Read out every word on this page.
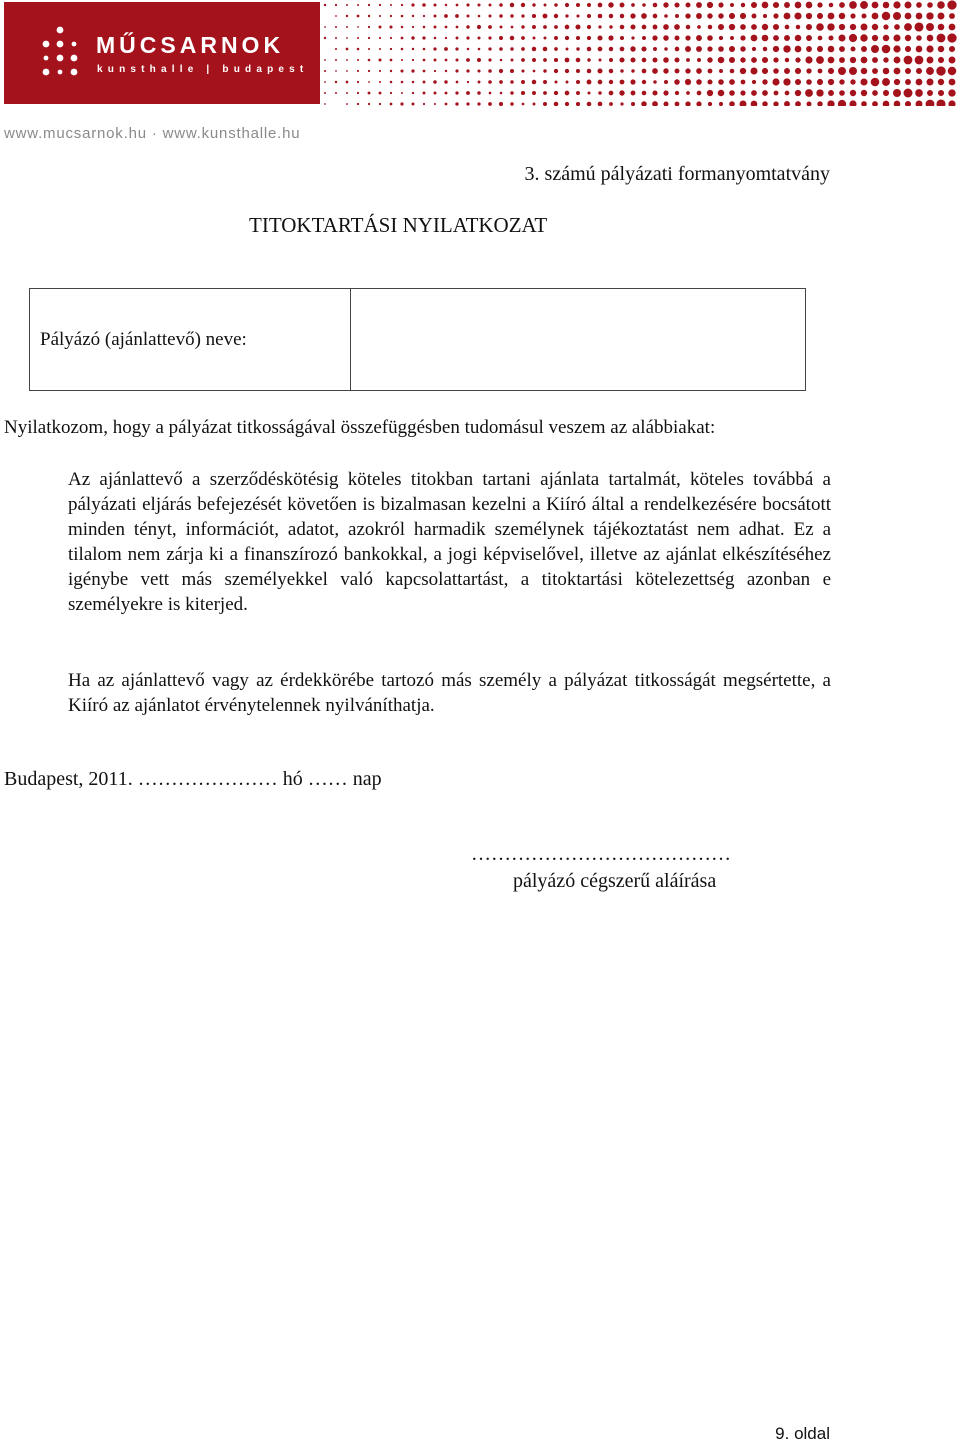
MŰCSARNOK
kunsthalle | budapest
www.mucsarnok.hu · www.kunsthalle.hu
3. számú pályázati formanyomtatvány
TITOKTARTÁSI NYILATKOZAT
Pályázó (ajánlattevő) neve:	
Nyilatkozom, hogy a pályázat titkosságával összefüggésben tudomásul veszem az alábbiakat:

Az ajánlattevő a szerződéskötésig köteles titokban tartani ajánlata tartalmát, köteles továbbá a pályázati eljárás befejezését követően is bizalmasan kezelni a Kiíró által a rendelkezésére bocsátott minden tényt, információt, adatot, azokról harmadik személynek tájékoztatást nem adhat. Ez a tilalom nem zárja ki a finanszírozó bankokkal, a jogi képviselővel, illetve az ajánlat elkészítéséhez igénybe vett más személyekkel való kapcsolattartást, a titoktartási kötelezettség azonban e személyekre is kiterjed.

Ha az ajánlattevő vagy az érdekkörébe tartozó más személy a pályázat titkosságát megsértette, a Kiíró az ajánlatot érvénytelennek nyilváníthatja.

Budapest, 2011. ………………… hó …… nap
…………………………………
pályázó cégszerű aláírása
9. oldal
